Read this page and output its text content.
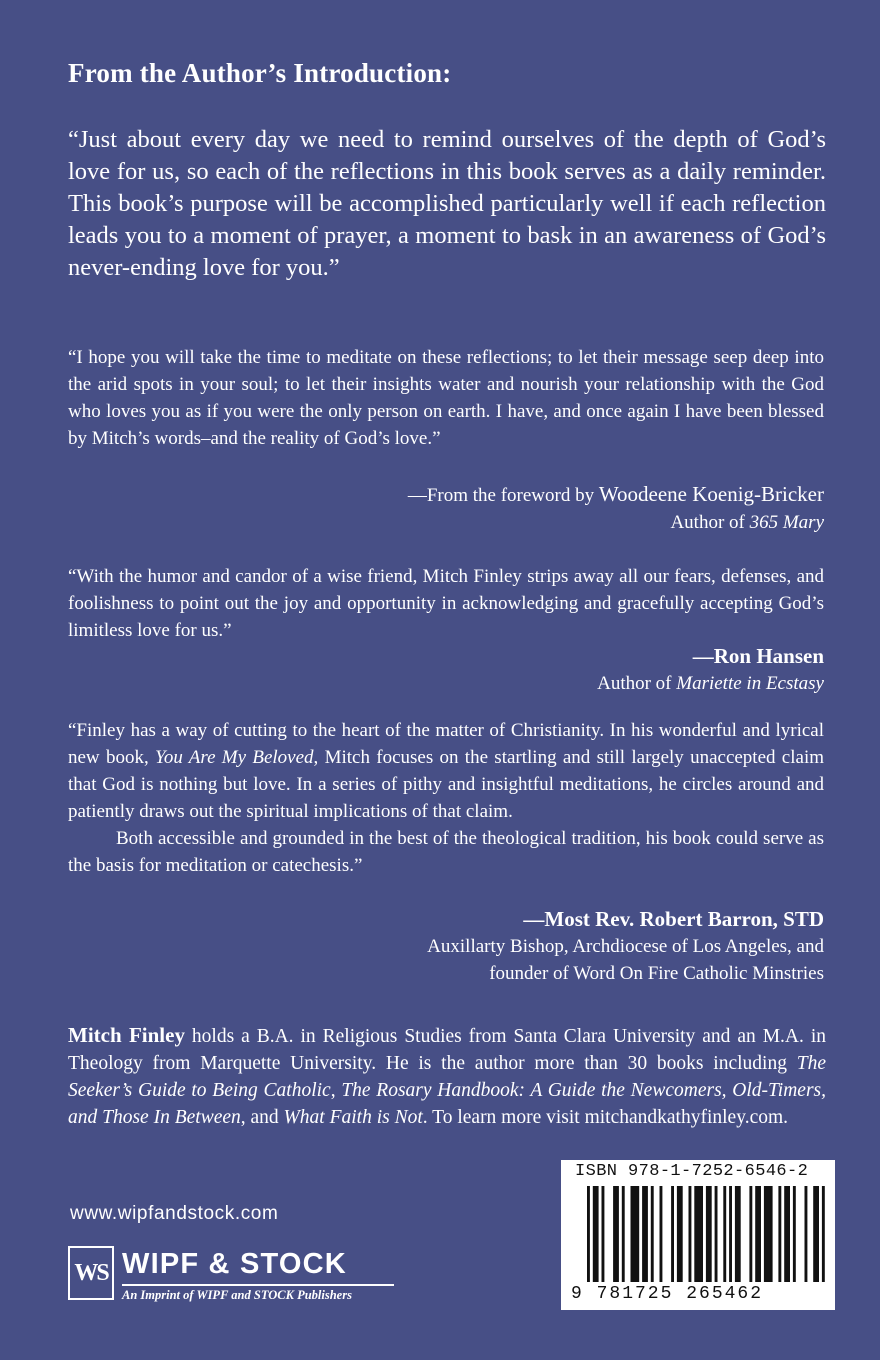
From the Author’s Introduction:
“Just about every day we need to remind ourselves of the depth of God’s love for us, so each of the reflections in this book serves as a daily reminder. This book’s purpose will be accomplished particularly well if each reflection leads you to a moment of prayer, a moment to bask in an awareness of God’s never-ending love for you.”

“I hope you will take the time to meditate on these reflections; to let their message seep deep into the arid spots in your soul; to let their insights water and nourish your relationship with the God who loves you as if you were the only person on earth. I have, and once again I have been blessed by Mitch’s words–and the reality of God’s love.”

—From the foreword by Woodeene Koenig-Bricker
Author of 365 Mary

“With the humor and candor of a wise friend, Mitch Finley strips away all our fears, defenses, and foolishness to point out the joy and opportunity in acknowledging and gracefully accepting God’s limitless love for us.”

—Ron Hansen
Author of Mariette in Ecstasy

“Finley has a way of cutting to the heart of the matter of Christianity. In his wonderful and lyrical new book, You Are My Beloved, Mitch focuses on the startling and still largely unaccepted claim that God is nothing but love. In a series of pithy and insightful meditations, he circles around and patiently draws out the spiritual implications of that claim.

Both accessible and grounded in the best of the theological tradition, his book could serve as the basis for meditation or catechesis.”

—Most Rev. Robert Barron, STD
Auxillarty Bishop, Archdiocese of Los Angeles, and
founder of Word On Fire Catholic Minstries
Mitch Finley holds a B.A. in Religious Studies from Santa Clara University and an M.A. in Theology from Marquette University. He is the author more than 30 books including The Seeker’s Guide to Being Catholic, The Rosary Handbook: A Guide the Newcomers, Old-Timers, and Those In Between, and What Faith is Not. To learn more visit mitchandkathyfinley.com.
www.wipfandstock.com
WS WIPF & STOCK
An Imprint of WIPF and STOCK Publishers
ISBN 978-1-7252-6546-2
9 781725 265462
